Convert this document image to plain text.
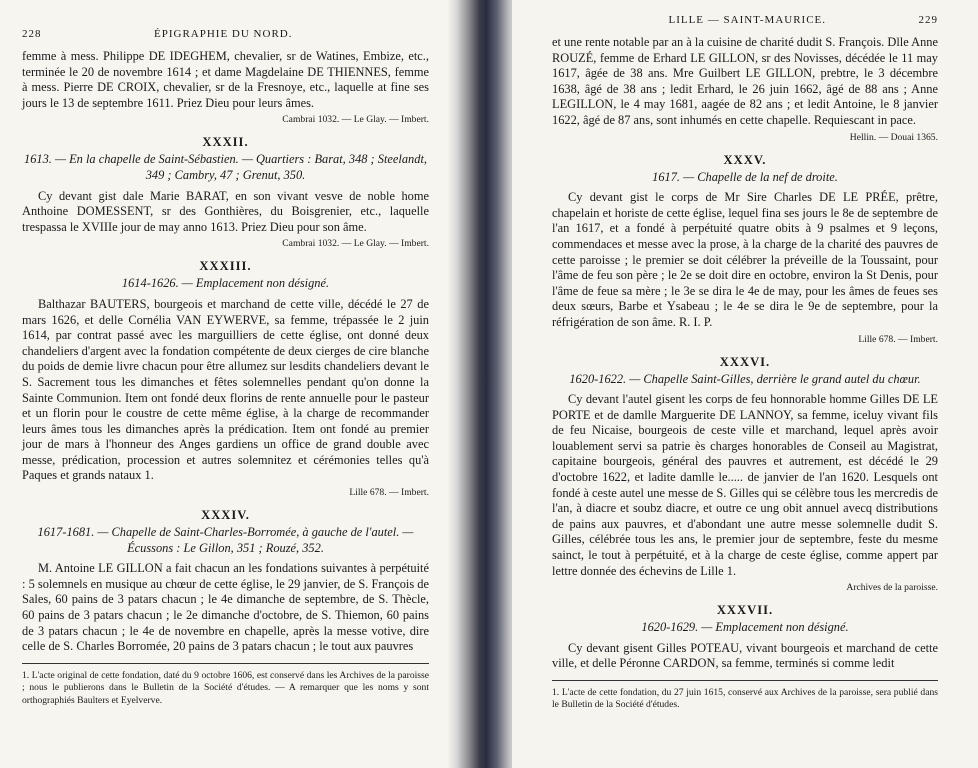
228	ÉPIGRAPHIE DU NORD.

femme à mess. Philippe DE IDEGHEM, chevalier, sr de Watines, Embize, etc., terminée le 20 de novembre 1614 ; et dame Magdelaine DE THIENNES, femme à mess. Pierre DE CROIX, chevalier, sr de la Fresnoye, etc., laquelle at fine ses jours le 13 de septembre 1611. Priez Dieu pour leurs âmes.

Cambrai 1032. — Le Glay. — Imbert.

XXXII.

1613. — En la chapelle de Saint-Sébastien. — Quartiers : Barat, 348 ; Steelandt, 349 ; Cambry, 47 ; Grenut, 350.

Cy devant gist dale Marie BARAT, en son vivant vesve de noble home Anthoine DOMESSENT, sr des Gonthières, du Boisgrenier, etc., laquelle trespassa le XVIIIe jour de may anno 1613. Priez Dieu pour son âme.

Cambrai 1032. — Le Glay. — Imbert.

XXXIII.

1614-1626. — Emplacement non désigné.

Balthazar BAUTERS, bourgeois et marchand de cette ville, décédé le 27 de mars 1626, et delle Cornélia VAN EYWERVE, sa femme, trépassée le 2 juin 1614, par contrat passé avec les marguilliers de cette église, ont donné deux chandeliers d'argent avec la fondation compétente de deux cierges de cire blanche du poids de demie livre chacun pour être allumez sur lesdits chandeliers devant le S. Sacrement tous les dimanches et fêtes solemnelles pendant qu'on donne la Sainte Communion. Item ont fondé deux florins de rente annuelle pour le pasteur et un florin pour le coustre de cette même église, à la charge de recommander leurs âmes tous les dimanches après la prédication. Item ont fondé au premier jour de mars à l'honneur des Anges gardiens un office de grand double avec messe, prédication, procession et autres solemnitez et cérémonies telles qu'à Paques et grands nataux 1.

Lille 678. — Imbert.

XXXIV.

1617-1681. — Chapelle de Saint-Charles-Borromée, à gauche de l'autel. — Écussons : Le Gillon, 351 ; Rouzé, 352.

M. Antoine LE GILLON a fait chacun an les fondations suivantes à perpétuité : 5 solemnels en musique au chœur de cette église, le 29 janvier, de S. François de Sales, 60 pains de 3 patars chacun ; le 4e dimanche de septembre, de S. Thècle, 60 pains de 3 patars chacun ; le 2e dimanche d'octobre, de S. Thiemon, 60 pains de 3 patars chacun ; le 4e de novembre en chapelle, après la messe votive, dire celle de S. Charles Borromée, 20 pains de 3 patars chacun ; le tout aux pauvres

1. L'acte original de cette fondation, daté du 9 octobre 1606, est conservé dans les Archives de la paroisse ; nous le publierons dans le Bulletin de la Société d'études. — A remarquer que les noms y sont orthographiés Baulters et Eyelverve.

LILLE — SAINT-MAURICE.	229

et une rente notable par an à la cuisine de charité dudit S. François. Dlle Anne ROUZÉ, femme de Erhard LE GILLON, sr des Novisses, décédée le 11 may 1617, âgée de 38 ans. Mre Guilbert LE GILLON, prebtre, le 3 décembre 1638, âgé de 38 ans ; ledit Erhard, le 26 juin 1662, âgé de 88 ans ; Anne LEGILLON, le 4 may 1681, aagée de 82 ans ; et ledit Antoine, le 8 janvier 1622, âgé de 87 ans, sont inhumés en cette chapelle. Requiescant in pace.

Hellin. — Douai 1365.

XXXV.

1617. — Chapelle de la nef de droite.

Cy devant gist le corps de Mr Sire Charles DE LE PRÉE, prêtre, chapelain et horiste de cette église, lequel fina ses jours le 8e de septembre de l'an 1617, et a fondé à perpétuité quatre obits à 9 psalmes et 9 leçons, commendaces et messe avec la prose, à la charge de la charité des pauvres de cette paroisse ; le premier se doit célébrer la préveille de la Toussaint, pour l'âme de feu son père ; le 2e se doit dire en octobre, environ la St Denis, pour l'âme de feue sa mère ; le 3e se dira le 4e de may, pour les âmes de feues ses deux sœurs, Barbe et Ysabeau ; le 4e se dira le 9e de septembre, pour la réfrigération de son âme. R. I. P.

Lille 678. — Imbert.

XXXVI.

1620-1622. — Chapelle Saint-Gilles, derrière le grand autel du chœur.

Cy devant l'autel gisent les corps de feu honnorable homme Gilles DE LE PORTE et de damlle Marguerite DE LANNOY, sa femme, iceluy vivant fils de feu Nicaise, bourgeois de ceste ville et marchand, lequel après avoir louablement servi sa patrie ès charges honorables de Conseil au Magistrat, capitaine bourgeois, général des pauvres et autrement, est décédé le 29 d'octobre 1622, et ladite damlle le..... de janvier de l'an 1620. Lesquels ont fondé à ceste autel une messe de S. Gilles qui se célèbre tous les mercredis de l'an, à diacre et soubz diacre, et outre ce ung obit annuel avecq distributions de pains aux pauvres, et d'abondant une autre messe solemnelle dudit S. Gilles, célébrée tous les ans, le premier jour de septembre, feste du mesme sainct, le tout à perpétuité, et à la charge de ceste église, comme appert par lettre donnée des échevins de Lille 1.

Archives de la paroisse.

XXXVII.

1620-1629. — Emplacement non désigné.

Cy devant gisent Gilles POTEAU, vivant bourgeois et marchand de cette ville, et delle Péronne CARDON, sa femme, terminés si comme ledit

1. L'acte de cette fondation, du 27 juin 1615, conservé aux Archives de la paroisse, sera publié dans le Bulletin de la Société d'études.
